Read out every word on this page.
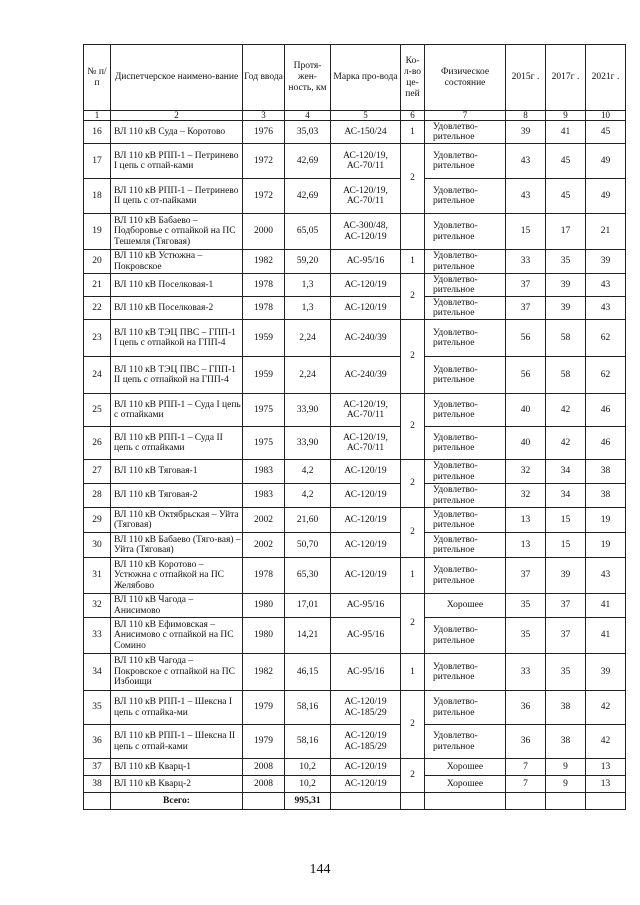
№ п/п	Диспетчерское наимено-вание	Год ввода	Протя-жен-ность, км	Марка про-вода	Ко-л-во це-пей	Физическое состояние	2015г .	2017г .	2021г .
1	2	3	4	5	6	7	8	9	10
16	ВЛ 110 кВ Суда – Коротово	1976	35,03	АС-150/24	1	Удовлетво-рительное	39	41	45
17	ВЛ 110 кВ РПП-1 – Петринево I цепь с отпай-ками	1972	42,69	АС-120/19, АС-70/11	2	Удовлетво-рительное	43	45	49
18	ВЛ 110 кВ РПП-1 – Петринево II цепь с от-пайками	1972	42,69	АС-120/19, АС-70/11		Удовлетво-рительное	43	45	49
19	ВЛ 110 кВ Бабаево – Подборовье с отпайкой на ПС Тешемля (Тяговая)	2000	65,05	АС-300/48, АС-120/19		Удовлетво-рительное	15	17	21
20	ВЛ 110 кВ Устюжна – Покровское	1982	59,20	АС-95/16	1	Удовлетво-рительное	33	35	39
21	ВЛ 110 кВ Поселковая-1	1978	1,3	АС-120/19	2	Удовлетво-рительное	37	39	43
22	ВЛ 110 кВ Поселковая-2	1978	1,3	АС-120/19		Удовлетво-рительное	37	39	43
23	ВЛ 110 кВ ТЭЦ ПВС – ГПП-1 I цепь с отпайкой на ГПП-4	1959	2,24	АС-240/39	2	Удовлетво-рительное	56	58	62
24	ВЛ 110 кВ ТЭЦ ПВС – ГПП-1 II цепь с отпайкой на ГПП-4	1959	2,24	АС-240/39		Удовлетво-рительное	56	58	62
25	ВЛ 110 кВ РПП-1 – Суда I цепь с отпайками	1975	33,90	АС-120/19, АС-70/11	2	Удовлетво-рительное	40	42	46
26	ВЛ 110 кВ РПП-1 – Суда II цепь с отпайками	1975	33,90	АС-120/19, АС-70/11		Удовлетво-рительное	40	42	46
27	ВЛ 110 кВ Тяговая-1	1983	4,2	АС-120/19	2	Удовлетво-рительное	32	34	38
28	ВЛ 110 кВ Тяговая-2	1983	4,2	АС-120/19		Удовлетво-рительное	32	34	38
29	ВЛ 110 кВ Октябрьская – Уйта (Тяговая)	2002	21,60	АС-120/19	2	Удовлетво-рительное	13	15	19
30	ВЛ 110 кВ Бабаево (Тяго-вая) – Уйта (Тяговая)	2002	50,70	АС-120/19		Удовлетво-рительное	13	15	19
31	ВЛ 110 кВ Коротово – Устюжна с отпайкой на ПС Желябово	1978	65,30	АС-120/19	1	Удовлетво-рительное	37	39	43
32	ВЛ 110 кВ Чагода – Анисимово	1980	17,01	АС-95/16	2	Хорошее	35	37	41
33	ВЛ 110 кВ Ефимовская – Анисимово с отпайкой на ПС Сомино	1980	14,21	АС-95/16		Удовлетво-рительное	35	37	41
34	ВЛ 110 кВ Чагода – Покровское с отпайкой на ПС Избоищи	1982	46,15	АС-95/16	1	Удовлетво-рительное	33	35	39
35	ВЛ 110 кВ РПП-1 – Шексна I цепь с отпайка-ми	1979	58,16	АС-120/19 АС-185/29	2	Удовлетво-рительное	36	38	42
36	ВЛ 110 кВ РПП-1 – Шексна II цепь с отпай-ками	1979	58,16	АС-120/19 АС-185/29		Удовлетво-рительное	36	38	42
37	ВЛ 110 кВ Кварц-1	2008	10,2	АС-120/19	2	Хорошее	7	9	13
38	ВЛ 110 кВ Кварц-2	2008	10,2	АС-120/19		Хорошее	7	9	13
	Всего:		995,31						
144
